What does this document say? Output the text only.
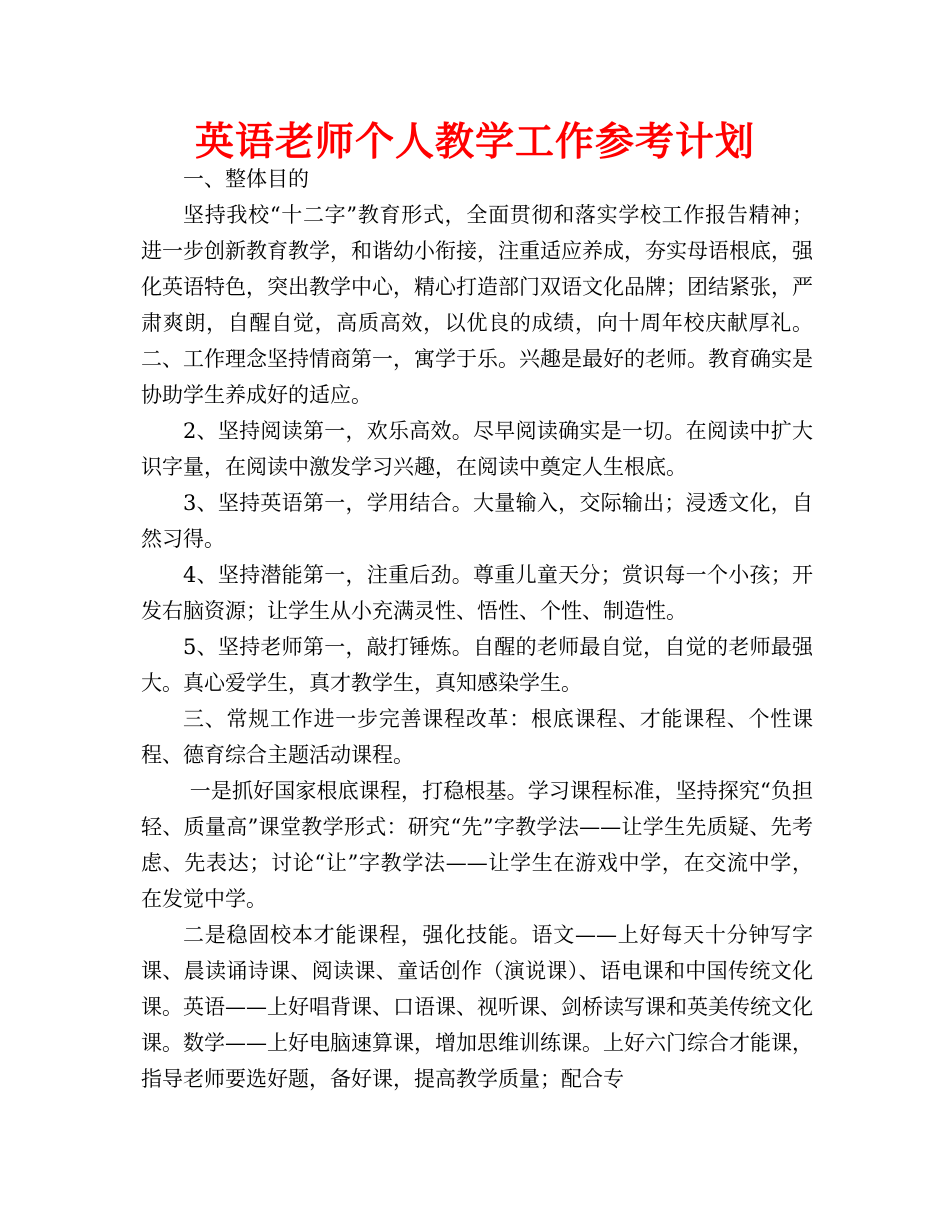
英语老师个人教学工作参考计划

一、整体目的

坚持我校“十二字”教育形式，全面贯彻和落实学校工作报告精神；进一步创新教育教学，和谐幼小衔接，注重适应养成，夯实母语根底，强化英语特色，突出教学中心，精心打造部门双语文化品牌；团结紧张，严肃爽朗，自醒自觉，高质高效，以优良的成绩，向十周年校庆献厚礼。二、工作理念坚持情商第一，寓学于乐。兴趣是最好的老师。教育确实是协助学生养成好的适应。

2、坚持阅读第一，欢乐高效。尽早阅读确实是一切。在阅读中扩大识字量，在阅读中激发学习兴趣，在阅读中奠定人生根底。

3、坚持英语第一，学用结合。大量输入，交际输出；浸透文化，自然习得。

4、坚持潜能第一，注重后劲。尊重儿童天分；赏识每一个小孩；开发右脑资源；让学生从小充满灵性、悟性、个性、制造性。

5、坚持老师第一，敲打锤炼。自醒的老师最自觉，自觉的老师最强大。真心爱学生，真才教学生，真知感染学生。

三、常规工作进一步完善课程改革：根底课程、才能课程、个性课程、德育综合主题活动课程。

一是抓好国家根底课程，打稳根基。学习课程标准，坚持探究“负担轻、质量高”课堂教学形式：研究“先”字教学法——让学生先质疑、先考虑、先表达；讨论“让”字教学法——让学生在游戏中学，在交流中学，在发觉中学。

二是稳固校本才能课程，强化技能。语文——上好每天十分钟写字课、晨读诵诗课、阅读课、童话创作（演说课）、语电课和中国传统文化课。英语——上好唱背课、口语课、视听课、剑桥读写课和英美传统文化课。数学——上好电脑速算课，增加思维训练课。上好六门综合才能课，指导老师要选好题，备好课，提高教学质量；配合专
